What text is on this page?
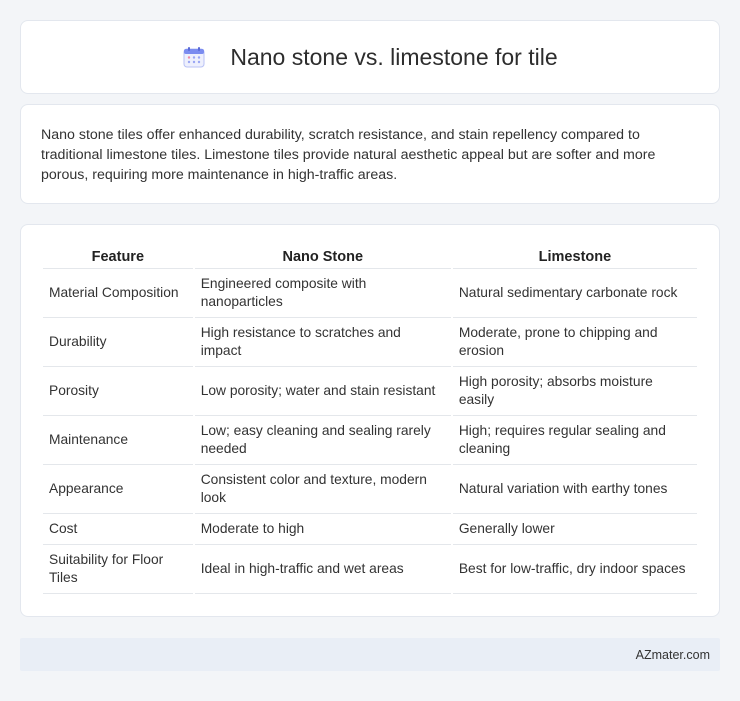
Nano stone vs. limestone for tile

Nano stone tiles offer enhanced durability, scratch resistance, and stain repellency compared to traditional limestone tiles. Limestone tiles provide natural aesthetic appeal but are softer and more porous, requiring more maintenance in high-traffic areas.

Feature	Nano Stone	Limestone
Material Composition	Engineered composite with nanoparticles	Natural sedimentary carbonate rock
Durability	High resistance to scratches and impact	Moderate, prone to chipping and erosion
Porosity	Low porosity; water and stain resistant	High porosity; absorbs moisture easily
Maintenance	Low; easy cleaning and sealing rarely needed	High; requires regular sealing and cleaning
Appearance	Consistent color and texture, modern look	Natural variation with earthy tones
Cost	Moderate to high	Generally lower
Suitability for Floor Tiles	Ideal in high-traffic and wet areas	Best for low-traffic, dry indoor spaces
AZmater.com
